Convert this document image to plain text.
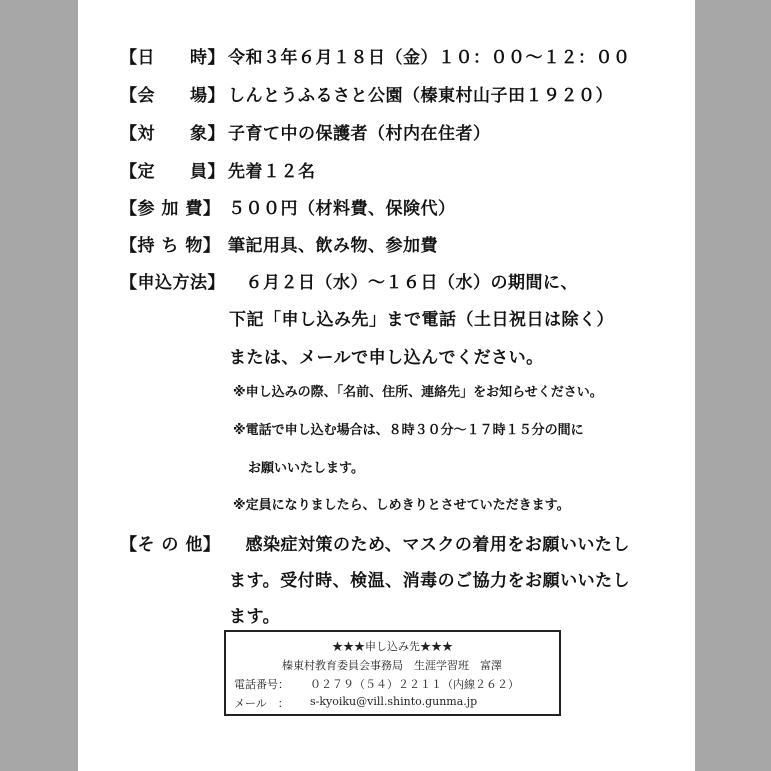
【日　　時】 令和３年６月１８日（金）１０：００～１２：００
【会　　場】 しんとうふるさと公園（榛東村山子田１９２０）
【対　　象】 子育て中の保護者（村内在住者）
【定　　員】 先着１２名
【参 加 費】 ５００円（材料費、保険代）
【持 ち 物】 筆記用具、飲み物、参加費
【申込方法】　６月２日（水）～１６日（水）の期間に、
下記「申し込み先」まで電話（土日祝日は除く）
または、メールで申し込んでください。
※申し込みの際、「名前、住所、連絡先」をお知らせください。
※電話で申し込む場合は、８時３０分～１７時１５分の間に
お願いいたします。
※定員になりましたら、しめきりとさせていただきます。
【そ の 他】　感染症対策のため、マスクの着用をお願いいたし
ます。受付時、検温、消毒のご協力をお願いいたし
ます。
★★★申し込み先★★★
榛東村教育委員会事務局　生涯学習班　富澤
電話番号： ０２７９（５４）２２１１（内線２６２）
メール　： s-kyoiku@vill.shinto.gunma.jp
